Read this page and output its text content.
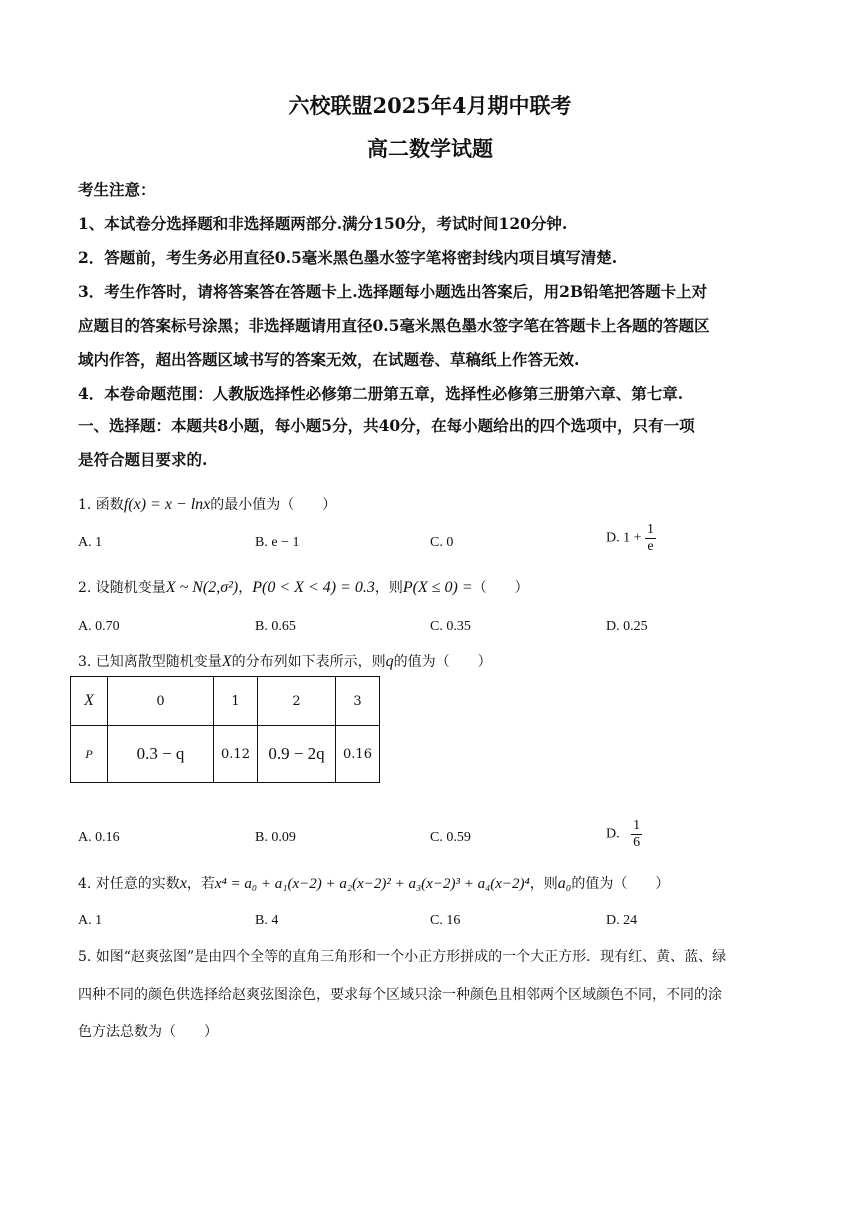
六校联盟2025年4月期中联考
高二数学试题
考生注意：
1、本试卷分选择题和非选择题两部分.满分150分，考试时间120分钟.
2．答题前，考生务必用直径0.5毫米黑色墨水签字笔将密封线内项目填写清楚.
3．考生作答时，请将答案答在答题卡上.选择题每小题选出答案后，用2B铅笔把答题卡上对
应题目的答案标号涂黑；非选择题请用直径0.5毫米黑色墨水签字笔在答题卡上各题的答题区
域内作答，超出答题区域书写的答案无效，在试题卷、草稿纸上作答无效.
4．本卷命题范围：人教版选择性必修第二册第五章，选择性必修第三册第六章、第七章.
一、选择题：本题共8小题，每小题5分，共40分，在每小题给出的四个选项中，只有一项
是符合题目要求的.
1. 函数f(x) = x − lnx的最小值为（　　）
A. 1	B. e − 1	C. 0	D. $1 + \frac{1}{e}$
2. 设随机变量X ~ N(2,σ²)，P(0 < X < 4) = 0.3，则P(X ≤ 0) =（　　）
A. 0.70	B. 0.65	C. 0.35	D. 0.25
3. 已知离散型随机变量X的分布列如下表所示，则q的值为（　　）
X	0	1	2	3
P	0.3 − q	0.12	0.9 − 2q	0.16
A. 0.16	B. 0.09	C. 0.59	D. $\frac{1}{6}$
4. 对任意的实数x，若x⁴ = a₀ + a₁(x−2) + a₂(x−2)² + a₃(x−2)³ + a₄(x−2)⁴，则a₀的值为（　　）
A. 1	B. 4	C. 16	D. 24
5. 如图“赵爽弦图”是由四个全等的直角三角形和一个小正方形拼成的一个大正方形．现有红、黄、蓝、绿
四种不同的颜色供选择给赵爽弦图涂色，要求每个区域只涂一种颜色且相邻两个区域颜色不同，不同的涂
色方法总数为（　　）
